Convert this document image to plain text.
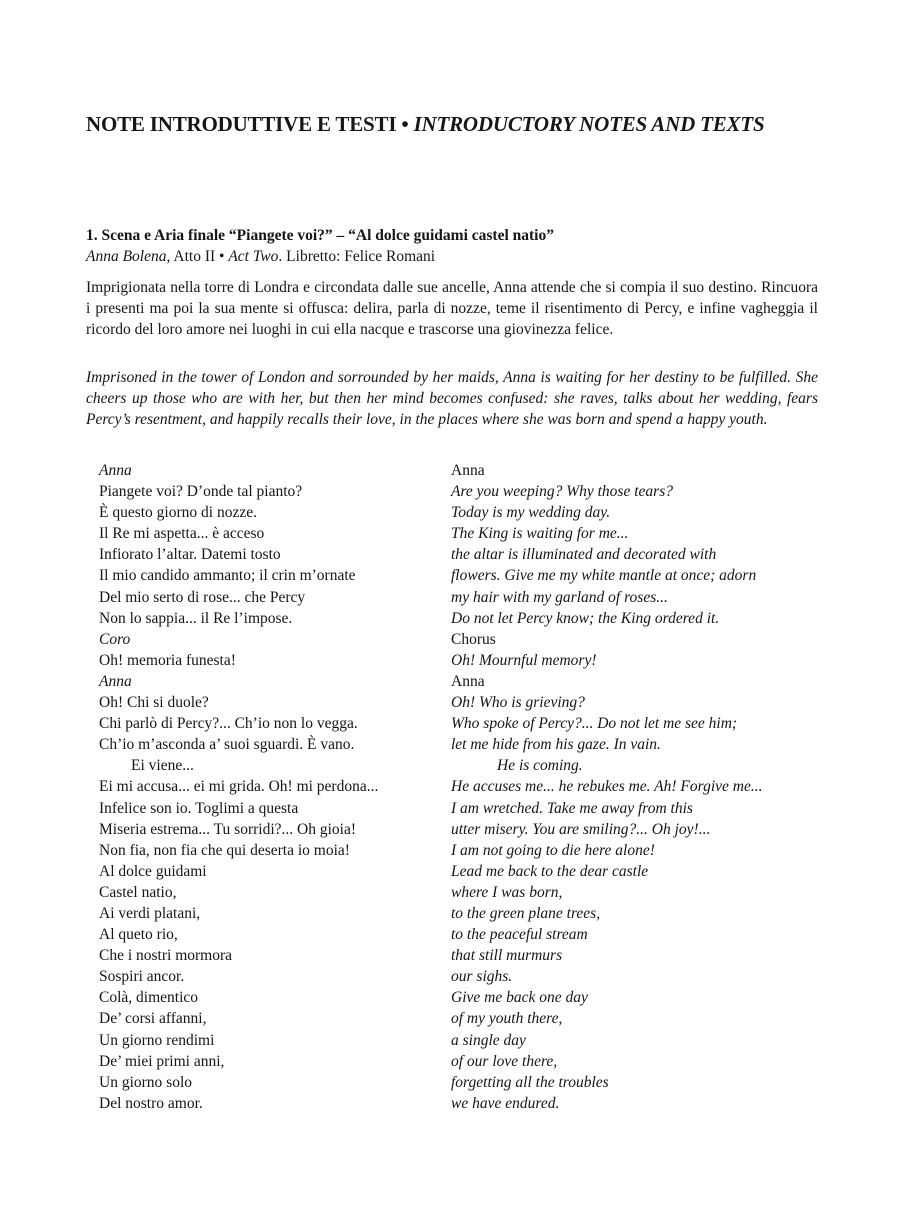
NOTE INTRODUTTIVE E TESTI • INTRODUCTORY NOTES AND TEXTS
1. Scena e Aria finale “Piangete voi?” – “Al dolce guidami castel natio”
Anna Bolena, Atto II • Act Two. Libretto: Felice Romani

Imprigionata nella torre di Londra e circondata dalle sue ancelle, Anna attende che si compia il suo destino. Rincuora i presenti ma poi la sua mente si offusca: delira, parla di nozze, teme il risentimento di Percy, e infine vagheggia il ricordo del loro amore nei luoghi in cui ella nacque e trascorse una giovinezza felice.

Imprisoned in the tower of London and sorrounded by her maids, Anna is waiting for her destiny to be fulfilled. She cheers up those who are with her, but then her mind becomes confused: she raves, talks about her wedding, fears Percy’s resentment, and happily recalls their love, in the places where she was born and spend a happy youth.

Anna
Piangete voi? D’onde tal pianto?
È questo giorno di nozze.
Il Re mi aspetta... è acceso
Infiorato l’altar. Datemi tosto
Il mio candido ammanto; il crin m’ornate
Del mio serto di rose... che Percy
Non lo sappia... il Re l’impose.
Coro
Oh! memoria funesta!
Anna
Oh! Chi si duole?
Chi parlò di Percy?... Ch’io non lo vegga.
Ch’io m’asconda a’ suoi sguardi. È vano.
Ei viene...
Ei mi accusa... ei mi grida. Oh! mi perdona...
Infelice son io. Toglimi a questa
Miseria estrema... Tu sorridi?... Oh gioia!
Non fia, non fia che qui deserta io moia!
Al dolce guidami
Castel natio,
Ai verdi platani,
Al queto rio,
Che i nostri mormora
Sospiri ancor.
Colà, dimentico
De’ corsi affanni,
Un giorno rendimi
De’ miei primi anni,
Un giorno solo
Del nostro amor.
Anna
Are you weeping? Why those tears?
Today is my wedding day.
The King is waiting for me...
the altar is illuminated and decorated with
flowers. Give me my white mantle at once; adorn
my hair with my garland of roses...
Do not let Percy know; the King ordered it.
Chorus
Oh! Mournful memory!
Anna
Oh! Who is grieving?
Who spoke of Percy?... Do not let me see him;
let me hide from his gaze. In vain.
He is coming.
He accuses me... he rebukes me. Ah! Forgive me...
I am wretched. Take me away from this
utter misery. You are smiling?... Oh joy!...
I am not going to die here alone!
Lead me back to the dear castle
where I was born,
to the green plane trees,
to the peaceful stream
that still murmurs
our sighs.
Give me back one day
of my youth there,
a single day
of our love there,
forgetting all the troubles
we have endured.
